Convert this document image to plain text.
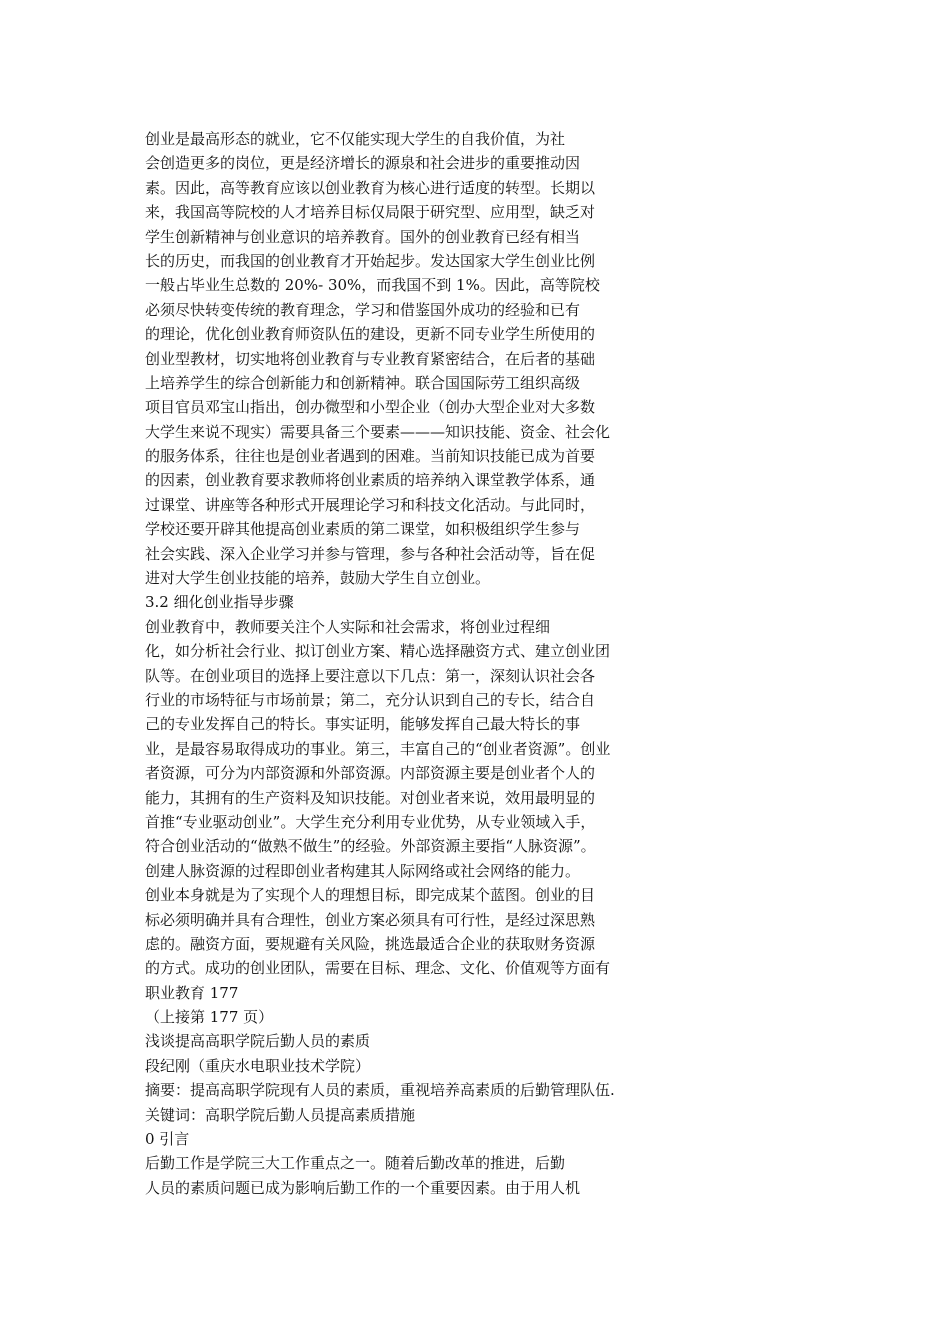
创业是最高形态的就业，它不仅能实现大学生的自我价值，为社
会创造更多的岗位，更是经济增长的源泉和社会进步的重要推动因
素。因此，高等教育应该以创业教育为核心进行适度的转型。长期以
来，我国高等院校的人才培养目标仅局限于研究型、应用型，缺乏对
学生创新精神与创业意识的培养教育。国外的创业教育已经有相当
长的历史，而我国的创业教育才开始起步。发达国家大学生创业比例
一般占毕业生总数的 20%- 30%，而我国不到 1%。因此，高等院校
必须尽快转变传统的教育理念，学习和借鉴国外成功的经验和已有
的理论，优化创业教育师资队伍的建设，更新不同专业学生所使用的
创业型教材，切实地将创业教育与专业教育紧密结合，在后者的基础
上培养学生的综合创新能力和创新精神。联合国国际劳工组织高级
项目官员邓宝山指出，创办微型和小型企业（创办大型企业对大多数
大学生来说不现实）需要具备三个要素———知识技能、资金、社会化
的服务体系，往往也是创业者遇到的困难。当前知识技能已成为首要
的因素，创业教育要求教师将创业素质的培养纳入课堂教学体系，通
过课堂、讲座等各种形式开展理论学习和科技文化活动。与此同时，
学校还要开辟其他提高创业素质的第二课堂，如积极组织学生参与
社会实践、深入企业学习并参与管理，参与各种社会活动等，旨在促
进对大学生创业技能的培养，鼓励大学生自立创业。
3.2 细化创业指导步骤
创业教育中，教师要关注个人实际和社会需求，将创业过程细
化，如分析社会行业、拟订创业方案、精心选择融资方式、建立创业团
队等。在创业项目的选择上要注意以下几点：第一，深刻认识社会各
行业的市场特征与市场前景；第二，充分认识到自己的专长，结合自
己的专业发挥自己的特长。事实证明，能够发挥自己最大特长的事
业，是最容易取得成功的事业。第三，丰富自己的“创业者资源”。创业
者资源，可分为内部资源和外部资源。内部资源主要是创业者个人的
能力，其拥有的生产资料及知识技能。对创业者来说，效用最明显的
首推“专业驱动创业”。大学生充分利用专业优势，从专业领域入手，
符合创业活动的“做熟不做生”的经验。外部资源主要指“人脉资源”。
创建人脉资源的过程即创业者构建其人际网络或社会网络的能力。
创业本身就是为了实现个人的理想目标，即完成某个蓝图。创业的目
标必须明确并具有合理性，创业方案必须具有可行性，是经过深思熟
虑的。融资方面，要规避有关风险，挑选最适合企业的获取财务资源
的方式。成功的创业团队，需要在目标、理念、文化、价值观等方面有
职业教育 177
（上接第 177 页）
浅谈提高高职学院后勤人员的素质
段纪刚（重庆水电职业技术学院）
摘要：提高高职学院现有人员的素质，重视培养高素质的后勤管理队伍.
关键词：高职学院后勤人员提高素质措施
0 引言
后勤工作是学院三大工作重点之一。随着后勤改革的推进，后勤
人员的素质问题已成为影响后勤工作的一个重要因素。由于用人机
